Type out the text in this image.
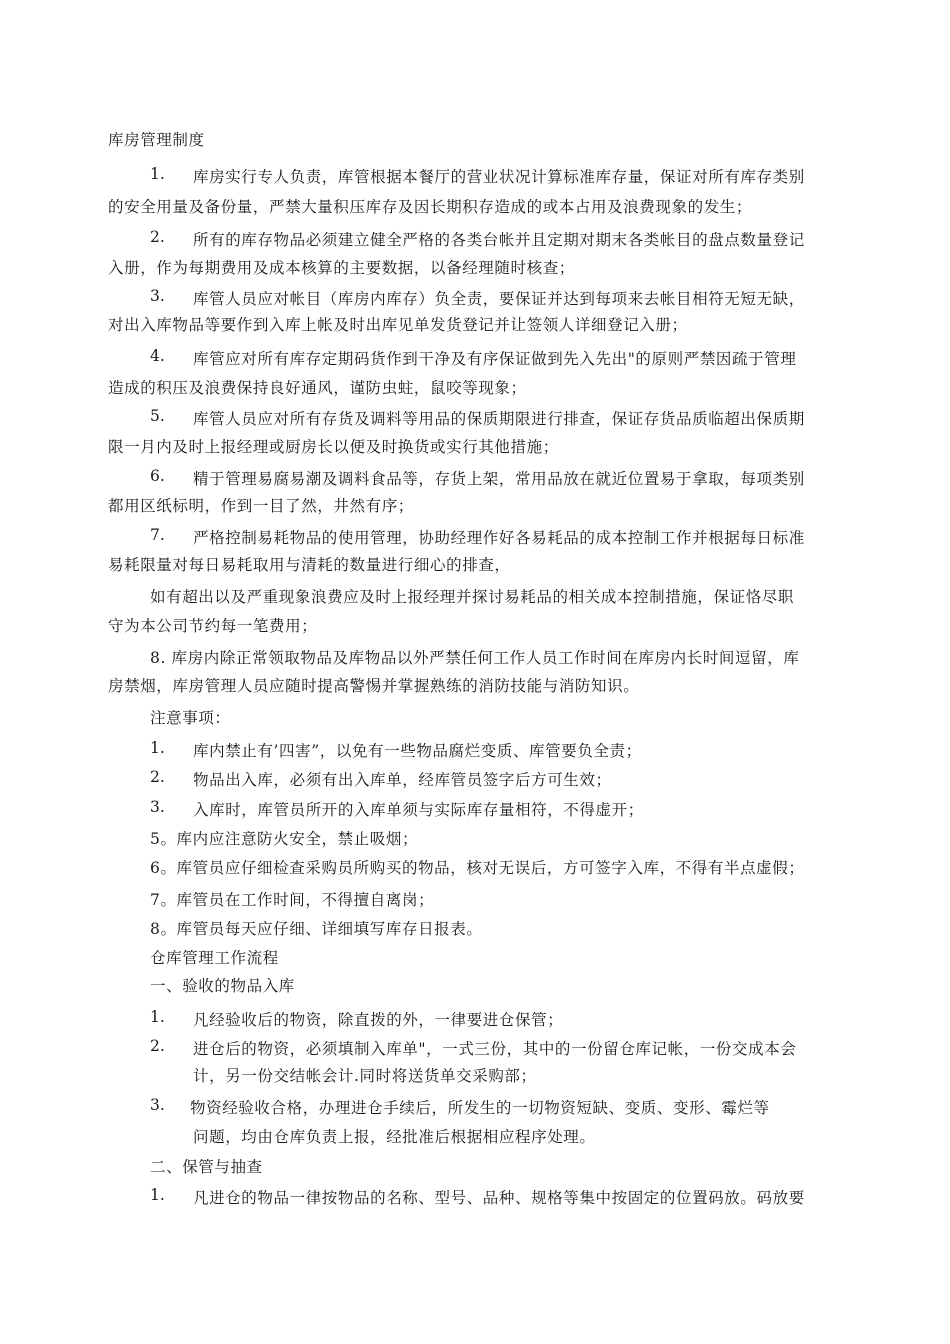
库房管理制度
1. 库房实行专人负责，库管根据本餐厅的营业状况计算标准库存量，保证对所有库存类别
的安全用量及备份量，严禁大量积压库存及因长期积存造成的或本占用及浪费现象的发生；
2. 所有的库存物品必须建立健全严格的各类台帐并且定期对期末各类帐目的盘点数量登记
入册，作为每期费用及成本核算的主要数据，以备经理随时核查；
3. 库管人员应对帐目（库房内库存）负全责，要保证并达到每项来去帐目相符无短无缺，
对出入库物品等要作到入库上帐及时出库见单发货登记并让签领人详细登记入册；
4. 库管应对所有库存定期码货作到干净及有序保证做到先入先出"的原则严禁因疏于管理
造成的积压及浪费保持良好通风，谨防虫蛀，鼠咬等现象；
5. 库管人员应对所有存货及调料等用品的保质期限进行排查，保证存货品质临超出保质期
限一月内及时上报经理或厨房长以便及时换货或实行其他措施；
6. 精于管理易腐易潮及调料食品等，存货上架，常用品放在就近位置易于拿取，每项类别
都用区纸标明，作到一目了然，井然有序；
7. 严格控制易耗物品的使用管理，协助经理作好各易耗品的成本控制工作并根据每日标准
易耗限量对每日易耗取用与清耗的数量进行细心的排查，
如有超出以及严重现象浪费应及时上报经理并探讨易耗品的相关成本控制措施，保证恪尽职
守为本公司节约每一笔费用；
8. 库房内除正常领取物品及库物品以外严禁任何工作人员工作时间在库房内长时间逗留，库
房禁烟，库房管理人员应随时提高警惕并掌握熟练的消防技能与消防知识。
注意事项：
1. 库内禁止有’四害”，以免有一些物品腐烂变质、库管要负全责；
2. 物品出入库，必须有出入库单，经库管员签字后方可生效；
3. 入库时，库管员所开的入库单须与实际库存量相符，不得虚开；
5。库内应注意防火安全，禁止吸烟；
6。库管员应仔细检查采购员所购买的物品，核对无误后，方可签字入库，不得有半点虚假；
7。库管员在工作时间，不得擅自离岗；
8。库管员每天应仔细、详细填写库存日报表。
仓库管理工作流程
一、验收的物品入库
1. 凡经验收后的物资，除直拨的外，一律要进仓保管；
2. 进仓后的物资，必须填制入库单"，一式三份，其中的一份留仓库记帐，一份交成本会
计，另一份交结帐会计.同时将送货单交采购部；
3. 物资经验收合格，办理进仓手续后，所发生的一切物资短缺、变质、变形、霉烂等
问题，均由仓库负责上报，经批准后根据相应程序处理。
二、保管与抽查
1. 凡进仓的物品一律按物品的名称、型号、品种、规格等集中按固定的位置码放。码放要
